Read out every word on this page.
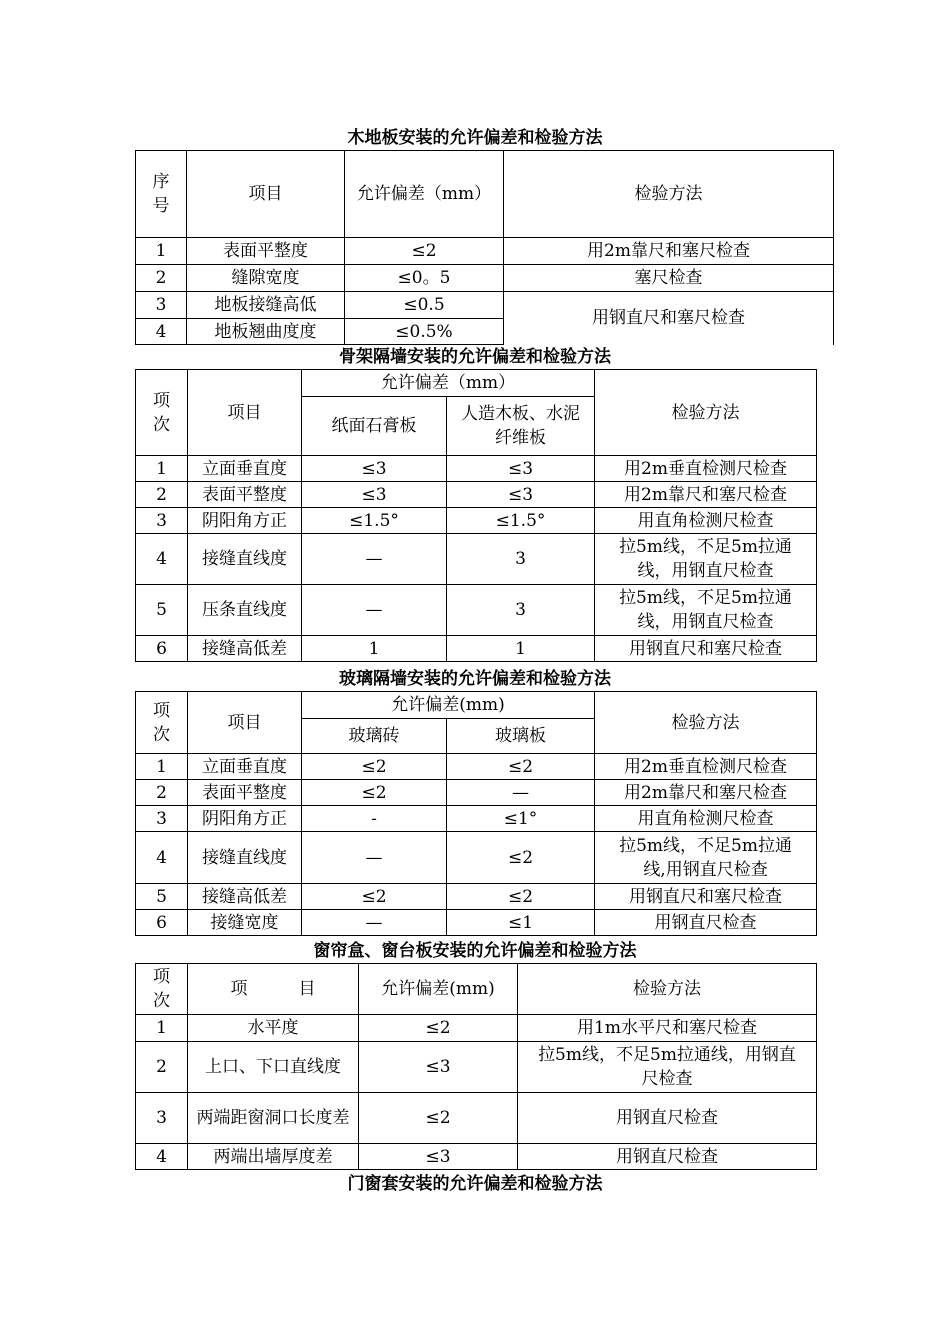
木地板安装的允许偏差和检验方法
序号	项目	允许偏差（mm）	检验方法
1	表面平整度	≤2	用2m靠尺和塞尺检查
2	缝隙宽度	≤0。5	塞尺检查
3	地板接缝高低	≤0.5	用钢直尺和塞尺检查
4	地板翘曲度度	≤0.5%	
骨架隔墙安装的允许偏差和检验方法
项次	项目	允许偏差（mm）		检验方法
		纸面石膏板	人造木板、水泥纤维板	
1	立面垂直度	≤3	≤3	用2m垂直检测尺检查
2	表面平整度	≤3	≤3	用2m靠尺和塞尺检查
3	阴阳角方正	≤1.5°	≤1.5°	用直角检测尺检查
4	接缝直线度	—	3	拉5m线，不足5m拉通线，用钢直尺检查
5	压条直线度	—	3	拉5m线，不足5m拉通线，用钢直尺检查
6	接缝高低差	1	1	用钢直尺和塞尺检查
玻璃隔墙安装的允许偏差和检验方法
项次	项目	允许偏差(mm)		检验方法
		玻璃砖	玻璃板	
1	立面垂直度	≤2	≤2	用2m垂直检测尺检查
2	表面平整度	≤2	—	用2m靠尺和塞尺检查
3	阴阳角方正	-	≤1°	用直角检测尺检查
4	接缝直线度	—	≤2	拉5m线，不足5m拉通线,用钢直尺检查
5	接缝高低差	≤2	≤2	用钢直尺和塞尺检查
6	接缝宽度	—	≤1	用钢直尺检查
窗帘盒、窗台板安装的允许偏差和检验方法
项次	项　　　目	允许偏差(mm)	检验方法
1	水平度	≤2	用1m水平尺和塞尺检查
2	上口、下口直线度	≤3	拉5m线，不足5m拉通线，用钢直尺检查
3	两端距窗洞口长度差	≤2	用钢直尺检查
4	两端出墙厚度差	≤3	用钢直尺检查
门窗套安装的允许偏差和检验方法
